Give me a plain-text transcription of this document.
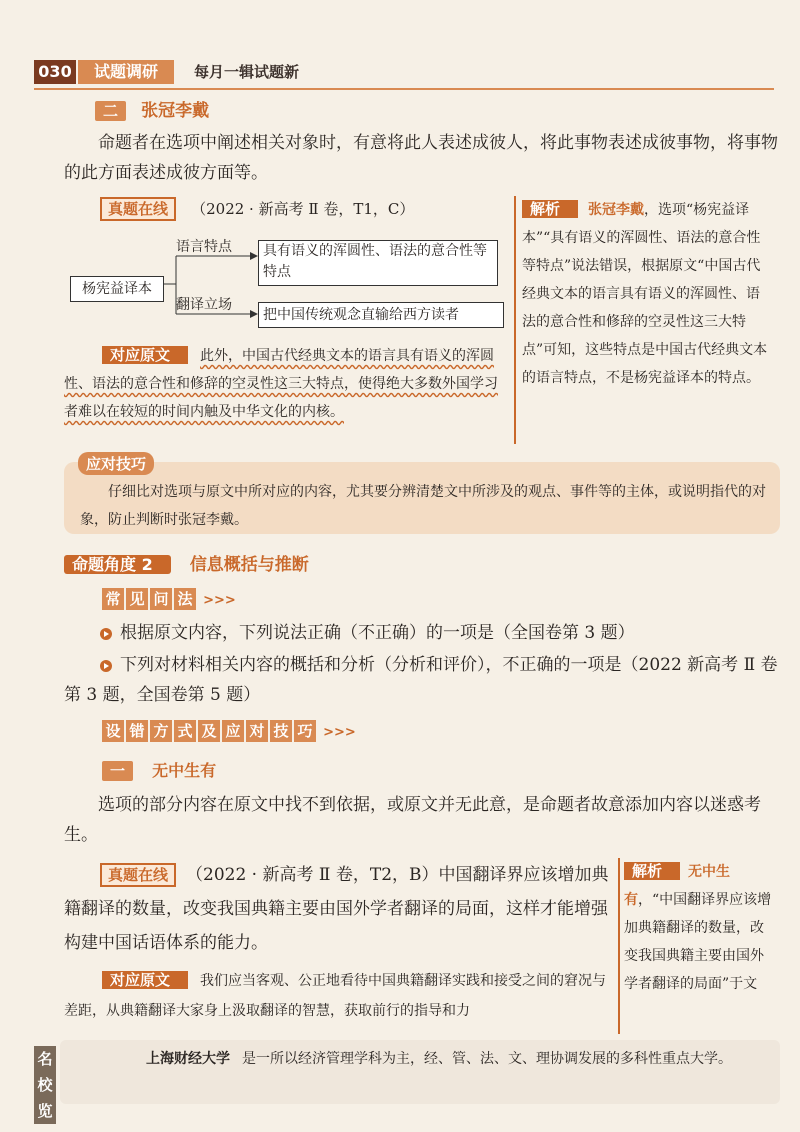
030	试题调研	每月一辑试题新
二 张冠李戴
命题者在选项中阐述相关对象时，有意将此人表述成彼人，将此事物表述成彼事物，将事物的此方面表述成彼方面等。
真题在线 （2022 · 新高考 Ⅱ 卷，T1，C）
杨宪益译本
语言特点	具有语义的浑圆性、语法的意合性等特点
翻译立场
把中国传统观念直输给西方读者
对应原文 此外，中国古代经典文本的语言具有语义的浑圆性、语法的意合性和修辞的空灵性这三大特点，使得绝大多数外国学习者难以在较短的时间内触及中华文化的内核。
解析 张冠李戴，选项“杨宪益译本”“具有语义的浑圆性、语法的意合性等特点”说法错误，根据原文“中国古代经典文本的语言具有语义的浑圆性、语法的意合性和修辞的空灵性这三大特点”可知，这些特点是中国古代经典文本的语言特点，不是杨宪益译本的特点。
应对技巧
仔细比对选项与原文中所对应的内容，尤其要分辨清楚文中所涉及的观点、事件等的主体，或说明指代的对象，防止判断时张冠李戴。
命题角度 2 信息概括与推断
常 见 问 法 >>>
根据原文内容，下列说法正确（不正确）的一项是（全国卷第 3 题）
下列对材料相关内容的概括和分析（分析和评价），不正确的一项是（2022 新高考 Ⅱ 卷第 3 题，全国卷第 5 题）
设 错 方 式 及 应 对 技 巧 >>>
一 无中生有
选项的部分内容在原文中找不到依据，或原文并无此意，是命题者故意添加内容以迷惑考生。
真题在线 （2022 · 新高考 Ⅱ 卷，T2，B）中国翻译界应该增加典籍翻译的数量，改变我国典籍主要由国外学者翻译的局面，这样才能增强构建中国话语体系的能力。
对应原文 我们应当客观、公正地看待中国典籍翻译实践和接受之间的窘况与差距，从典籍翻译大家身上汲取翻译的智慧，获取前行的指导和力
解析 无中生有，“中国翻译界应该增加典籍翻译的数量，改变我国典籍主要由国外学者翻译的局面”于文
名
校
览
上海财经大学 是一所以经济管理学科为主，经、管、法、文、理协调发展的多科性重点大学。
